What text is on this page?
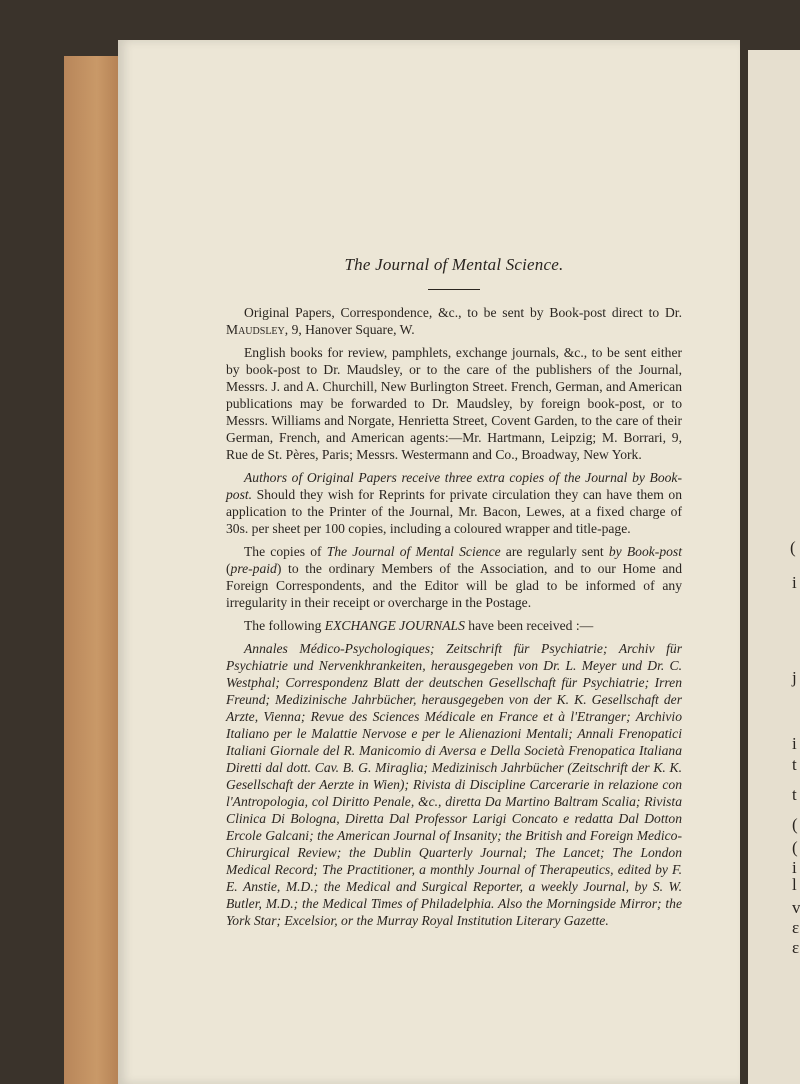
(
i
j
i
t
t
(
l
v
(
i
ε
ε
The Journal of Mental Science.

Original Papers, Correspondence, &c., to be sent by Book-post direct to Dr. Maudsley, 9, Hanover Square, W.

English books for review, pamphlets, exchange journals, &c., to be sent either by book-post to Dr. Maudsley, or to the care of the publishers of the Journal, Messrs. J. and A. Churchill, New Burlington Street. French, German, and American publications may be forwarded to Dr. Maudsley, by foreign book-post, or to Messrs. Williams and Norgate, Henrietta Street, Covent Garden, to the care of their German, French, and American agents:—Mr. Hartmann, Leipzig; M. Borrari, 9, Rue de St. Pères, Paris; Messrs. Westermann and Co., Broadway, New York.

Authors of Original Papers receive three extra copies of the Journal by Book-post. Should they wish for Reprints for private circulation they can have them on application to the Printer of the Journal, Mr. Bacon, Lewes, at a fixed charge of 30s. per sheet per 100 copies, including a coloured wrapper and title-page.

The copies of The Journal of Mental Science are regularly sent by Book-post (pre-paid) to the ordinary Members of the Association, and to our Home and Foreign Correspondents, and the Editor will be glad to be informed of any irregularity in their receipt or overcharge in the Postage.

The following EXCHANGE JOURNALS have been received :—

Annales Médico-Psychologiques; Zeitschrift für Psychiatrie; Archiv für Psychiatrie und Nervenkhrankeiten, herausgegeben von Dr. L. Meyer und Dr. C. Westphal; Correspondenz Blatt der deutschen Gesellschaft für Psychiatrie; Irren Freund; Medizinische Jahrbücher, herausgegeben von der K. K. Gesellschaft der Arzte, Vienna; Revue des Sciences Médicale en France et à l'Etranger; Archivio Italiano per le Malattie Nervose e per le Alienazioni Mentali; Annali Frenopatici Italiani Giornale del R. Manicomio di Aversa e Della Società Frenopatica Italiana Diretti dal dott. Cav. B. G. Miraglia; Medizinisch Jahrbücher (Zeitschrift der K. K. Gesellschaft der Aerzte in Wien); Rivista di Discipline Carcerarie in relazione con l'Antropologia, col Diritto Penale, &c., diretta Da Martino Baltram Scalia; Rivista Clinica Di Bologna, Diretta Dal Professor Larigi Concato e redatta Dal Dotton Ercole Galcani; the American Journal of Insanity; the British and Foreign Medico-Chirurgical Review; the Dublin Quarterly Journal; The Lancet; The London Medical Record; The Practitioner, a monthly Journal of Therapeutics, edited by F. E. Anstie, M.D.; the Medical and Surgical Reporter, a weekly Journal, by S. W. Butler, M.D.; the Medical Times of Philadelphia. Also the Morningside Mirror; the York Star; Excelsior, or the Murray Royal Institution Literary Gazette.
